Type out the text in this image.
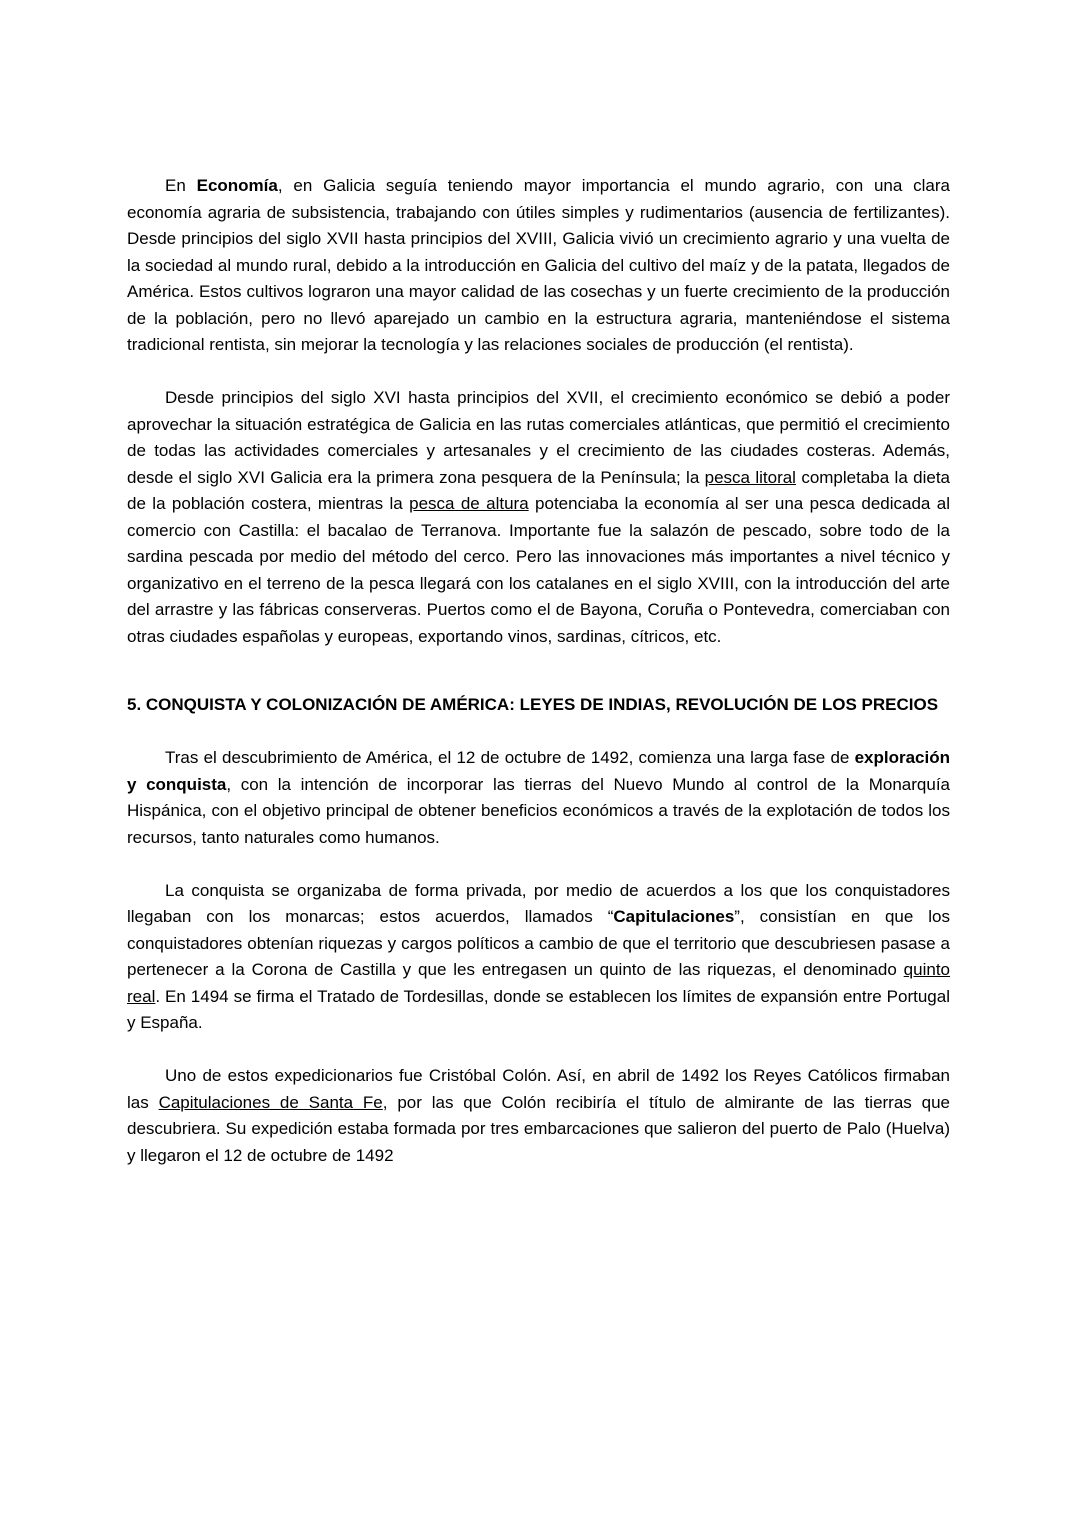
En Economía, en Galicia seguía teniendo mayor importancia el mundo agrario, con una clara economía agraria de subsistencia, trabajando con útiles simples y rudimentarios (ausencia de fertilizantes). Desde principios del siglo XVII hasta principios del XVIII, Galicia vivió un crecimiento agrario y una vuelta de la sociedad al mundo rural, debido a la introducción en Galicia del cultivo del maíz y de la patata, llegados de América. Estos cultivos lograron una mayor calidad de las cosechas y un fuerte crecimiento de la producción de la población, pero no llevó aparejado un cambio en la estructura agraria, manteniéndose el sistema tradicional rentista, sin mejorar la tecnología y las relaciones sociales de producción (el rentista).

Desde principios del siglo XVI hasta principios del XVII, el crecimiento económico se debió a poder aprovechar la situación estratégica de Galicia en las rutas comerciales atlánticas, que permitió el crecimiento de todas las actividades comerciales y artesanales y el crecimiento de las ciudades costeras. Además, desde el siglo XVI Galicia era la primera zona pesquera de la Península; la pesca litoral completaba la dieta de la población costera, mientras la pesca de altura potenciaba la economía al ser una pesca dedicada al comercio con Castilla: el bacalao de Terranova. Importante fue la salazón de pescado, sobre todo de la sardina pescada por medio del método del cerco. Pero las innovaciones más importantes a nivel técnico y organizativo en el terreno de la pesca llegará con los catalanes en el siglo XVIII, con la introducción del arte del arrastre y las fábricas conserveras. Puertos como el de Bayona, Coruña o Pontevedra, comerciaban con otras ciudades españolas y europeas, exportando vinos, sardinas, cítricos, etc.

5. CONQUISTA Y COLONIZACIÓN DE AMÉRICA: LEYES DE INDIAS, REVOLUCIÓN DE LOS PRECIOS

Tras el descubrimiento de América, el 12 de octubre de 1492, comienza una larga fase de exploración y conquista, con la intención de incorporar las tierras del Nuevo Mundo al control de la Monarquía Hispánica, con el objetivo principal de obtener beneficios económicos a través de la explotación de todos los recursos, tanto naturales como humanos.

La conquista se organizaba de forma privada, por medio de acuerdos a los que los conquistadores llegaban con los monarcas; estos acuerdos, llamados “Capitulaciones”, consistían en que los conquistadores obtenían riquezas y cargos políticos a cambio de que el territorio que descubriesen pasase a pertenecer a la Corona de Castilla y que les entregasen un quinto de las riquezas, el denominado quinto real. En 1494 se firma el Tratado de Tordesillas, donde se establecen los límites de expansión entre Portugal y España.

Uno de estos expedicionarios fue Cristóbal Colón. Así, en abril de 1492 los Reyes Católicos firmaban las Capitulaciones de Santa Fe, por las que Colón recibiría el título de almirante de las tierras que descubriera. Su expedición estaba formada por tres embarcaciones que salieron del puerto de Palo (Huelva) y llegaron el 12 de octubre de 1492
